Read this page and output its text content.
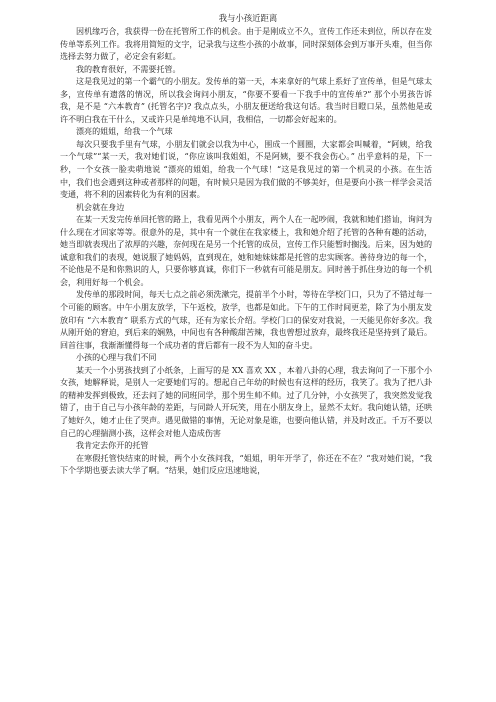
我与小孩近距离

因机缘巧合，我获得一份在托管所工作的机会。由于是刚成立不久，宣传工作还未到位，所以存在发传单等系列工作。我将用简短的文字，记录我与这些小孩的小故事，同时深刻体会到万事开头难，但当你选择去努力做了，必定会有彩虹。

我的教育很好，不需要托管。

这是我见过的第一个霸气的小朋友。发传单的第一天，本来拿好的气球上系好了宣传单，但是气球太多，宣传单有遗落的情况，所以我会询问小朋友，“你要不要看一下我手中的宣传单?” 那个小男孩告诉我，是不是 “六本教育” (托管名字)? 我点点头，小朋友便送给我这句话。我当时目瞪口呆，虽然他是或许不明白我在干什么，又或许只是单纯地不认同，我相信，一切都会好起来的。

漂亮的姐姐，给我一个气球

每次只要我手里有气球，小朋友们就会以我为中心，围成一个圆圈，大家都会叫喊着，“阿姨，给我一个气球”“某一天，我对她们说，“你应该叫我姐姐，不是阿姨，要不我会伤心。” 出乎意料的是，下一秒，一个女孩一脸卖萌地说 “漂亮的姐姐，给我一个气球！“这是我见过的第一个机灵的小孩。在生活中，我们也会遇到这种或者那样的问题，有时候只是因为我们做的不够美好，但是要向小孩一样学会灵活变通，将不利的因素转化为有利的因素。

机会就在身边

在某一天发完传单回托管的路上，我看见两个小朋友，两个人在一起吵闹，我就和她们搭讪，询问为什么现在才回家等等。很意外的是，其中有一个就住在我家楼上，我和她介绍了托管的各种有趣的活动，她当即就表现出了浓厚的兴趣，奈何现在是另一个托管的成员，宣传工作只能暂时搁浅。后来，因为她的诚意和我们的表现，她说服了她妈妈，直到现在，她和她妹妹都是托管的忠实顾客。善待身边的每一个，不论他是不是和你熟识的人，只要你够真诚，你们下一秒就有可能是朋友。同时善于抓住身边的每一个机会，利用好每一个机会。

发传单的那段时间，每天七点之前必须洗漱完，提前半个小时，等待在学校门口，只为了不错过每一个可能的顾客。中午小朋友放学，下午返校，放学，也都是如此。下午的工作时间更差，除了为小朋友发放印有 “六本教育” 联系方式的气球，还有为家长介绍。学校门口的保安对我说，一天能见你好多次。我从刚开始的窘迫，到后来的娴熟，中间也有各种酸甜苦辣，我也曾想过放弃，最终我还是坚持到了最后。回首往事，我渐渐懂得每一个成功者的背后都有一段不为人知的奋斗史。

小孩的心理与我们不同

某天一个小男孩找到了小纸条，上面写的是 XX 喜欢 XX ，本着八卦的心理，我去询问了一下那个小女孩，她解释说，是别人一定要她们写的。想起自己年幼的时候也有这样的经历，我笑了。我为了把八卦的精神发挥到极致，还去问了她的同班同学，那个男生帅不帅。过了几分钟，小女孩哭了，我突然发觉我错了，由于自己与小孩年龄的差距，与同龄人开玩笑，用在小朋友身上，显然不太好。我向她认错，还哄了她好久，她才止住了哭声。遇见做错的事情，无论对象是谁，也要向他认错，并及时改正。千万不要以自己的心理揣测小孩，这样会对他人造成伤害

我肯定去你开的托管

在寒假托管快结束的时候，两个小女孩问我，“姐姐，明年开学了，你还在不在？“我对她们说，“我下个学期也要去读大学了啊。“结果，她们反应迅速地说，
